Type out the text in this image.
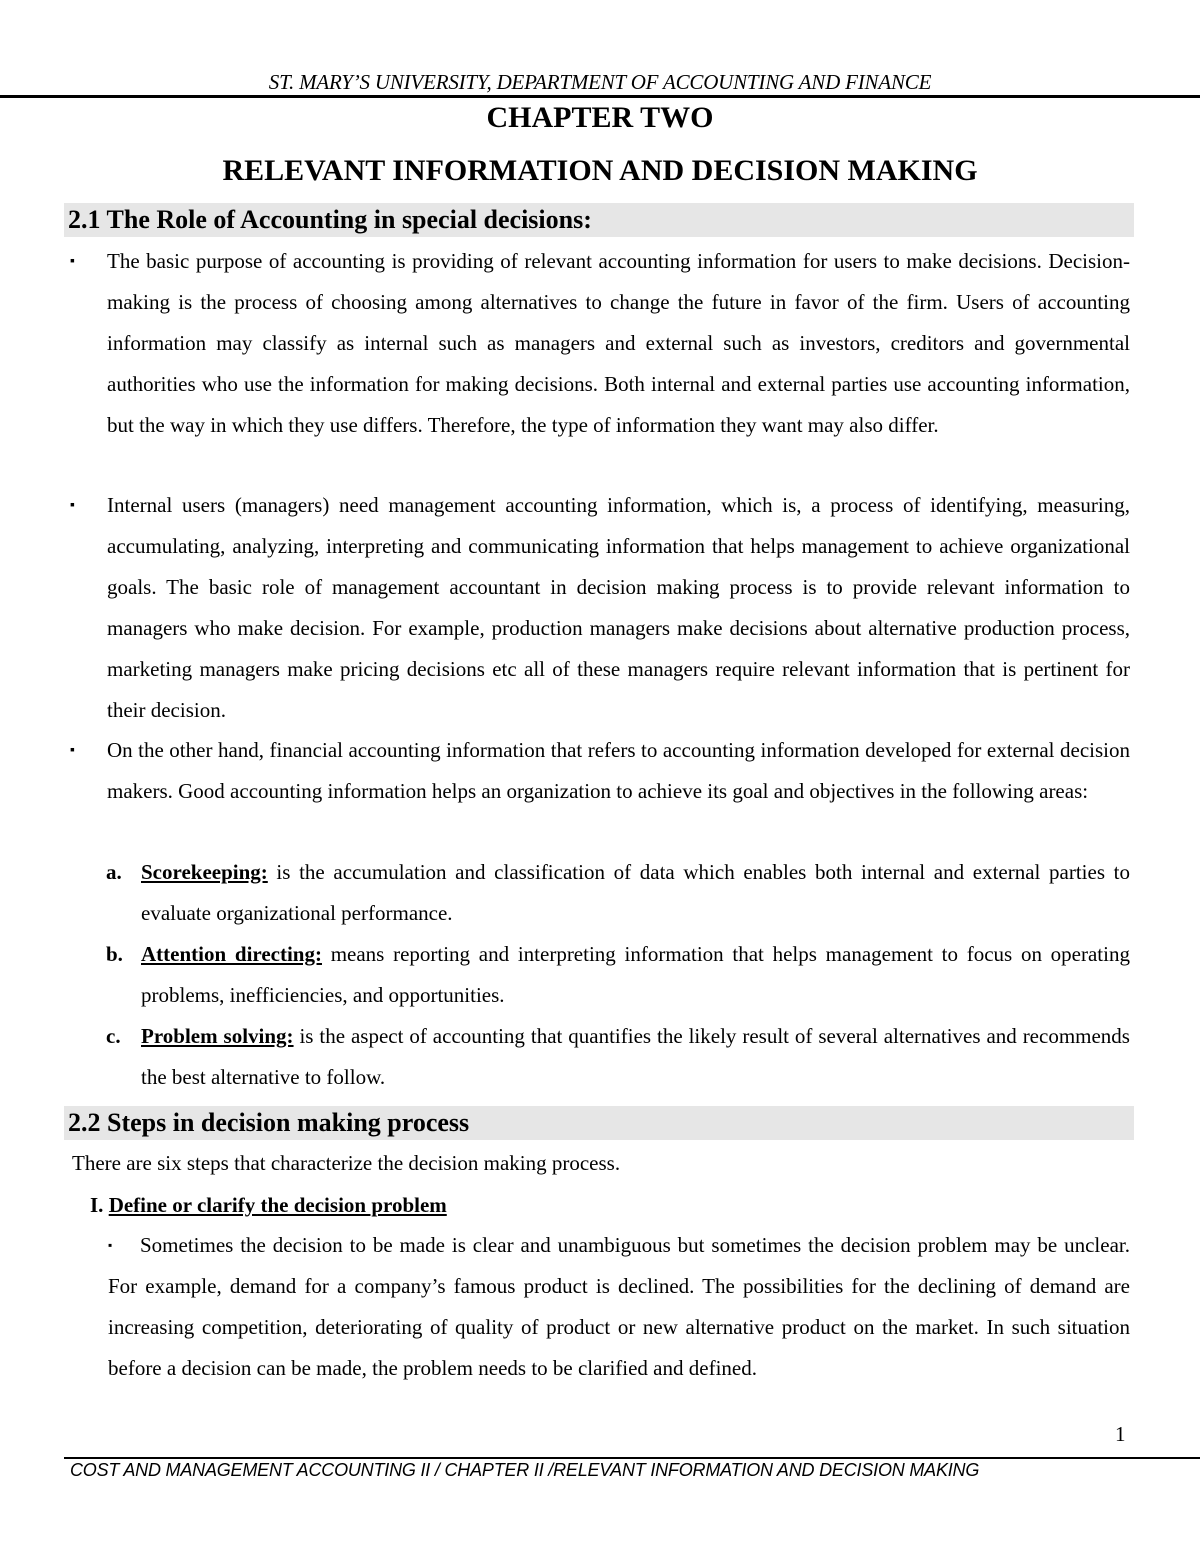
ST. MARY’S UNIVERSITY, DEPARTMENT OF ACCOUNTING AND FINANCE
CHAPTER TWO
RELEVANT INFORMATION AND DECISION MAKING
2.1 The Role of Accounting in special decisions:
▪ The basic purpose of accounting is providing of relevant accounting information for users to make decisions. Decision-making is the process of choosing among alternatives to change the future in favor of the firm. Users of accounting information may classify as internal such as managers and external such as investors, creditors and governmental authorities who use the information for making decisions. Both internal and external parties use accounting information, but the way in which they use differs. Therefore, the type of information they want may also differ.
▪ Internal users (managers) need management accounting information, which is, a process of identifying, measuring, accumulating, analyzing, interpreting and communicating information that helps management to achieve organizational goals. The basic role of management accountant in decision making process is to provide relevant information to managers who make decision. For example, production managers make decisions about alternative production process, marketing managers make pricing decisions etc all of these managers require relevant information that is pertinent for their decision.
▪ On the other hand, financial accounting information that refers to accounting information developed for external decision makers. Good accounting information helps an organization to achieve its goal and objectives in the following areas:
a. Scorekeeping: is the accumulation and classification of data which enables both internal and external parties to evaluate organizational performance.
b. Attention directing: means reporting and interpreting information that helps management to focus on operating problems, inefficiencies, and opportunities.
c. Problem solving: is the aspect of accounting that quantifies the likely result of several alternatives and recommends the best alternative to follow.
2.2 Steps in decision making process
There are six steps that characterize the decision making process.
I. Define or clarify the decision problem
▪	Sometimes the decision to be made is clear and unambiguous but sometimes the decision problem may be unclear. For example, demand for a company’s famous product is declined. The possibilities for the declining of demand are increasing competition, deteriorating of quality of product or new alternative product on the market. In such situation before a decision can be made, the problem needs to be clarified and defined.
1
COST AND MANAGEMENT ACCOUNTING II / CHAPTER II /RELEVANT INFORMATION AND DECISION MAKING
